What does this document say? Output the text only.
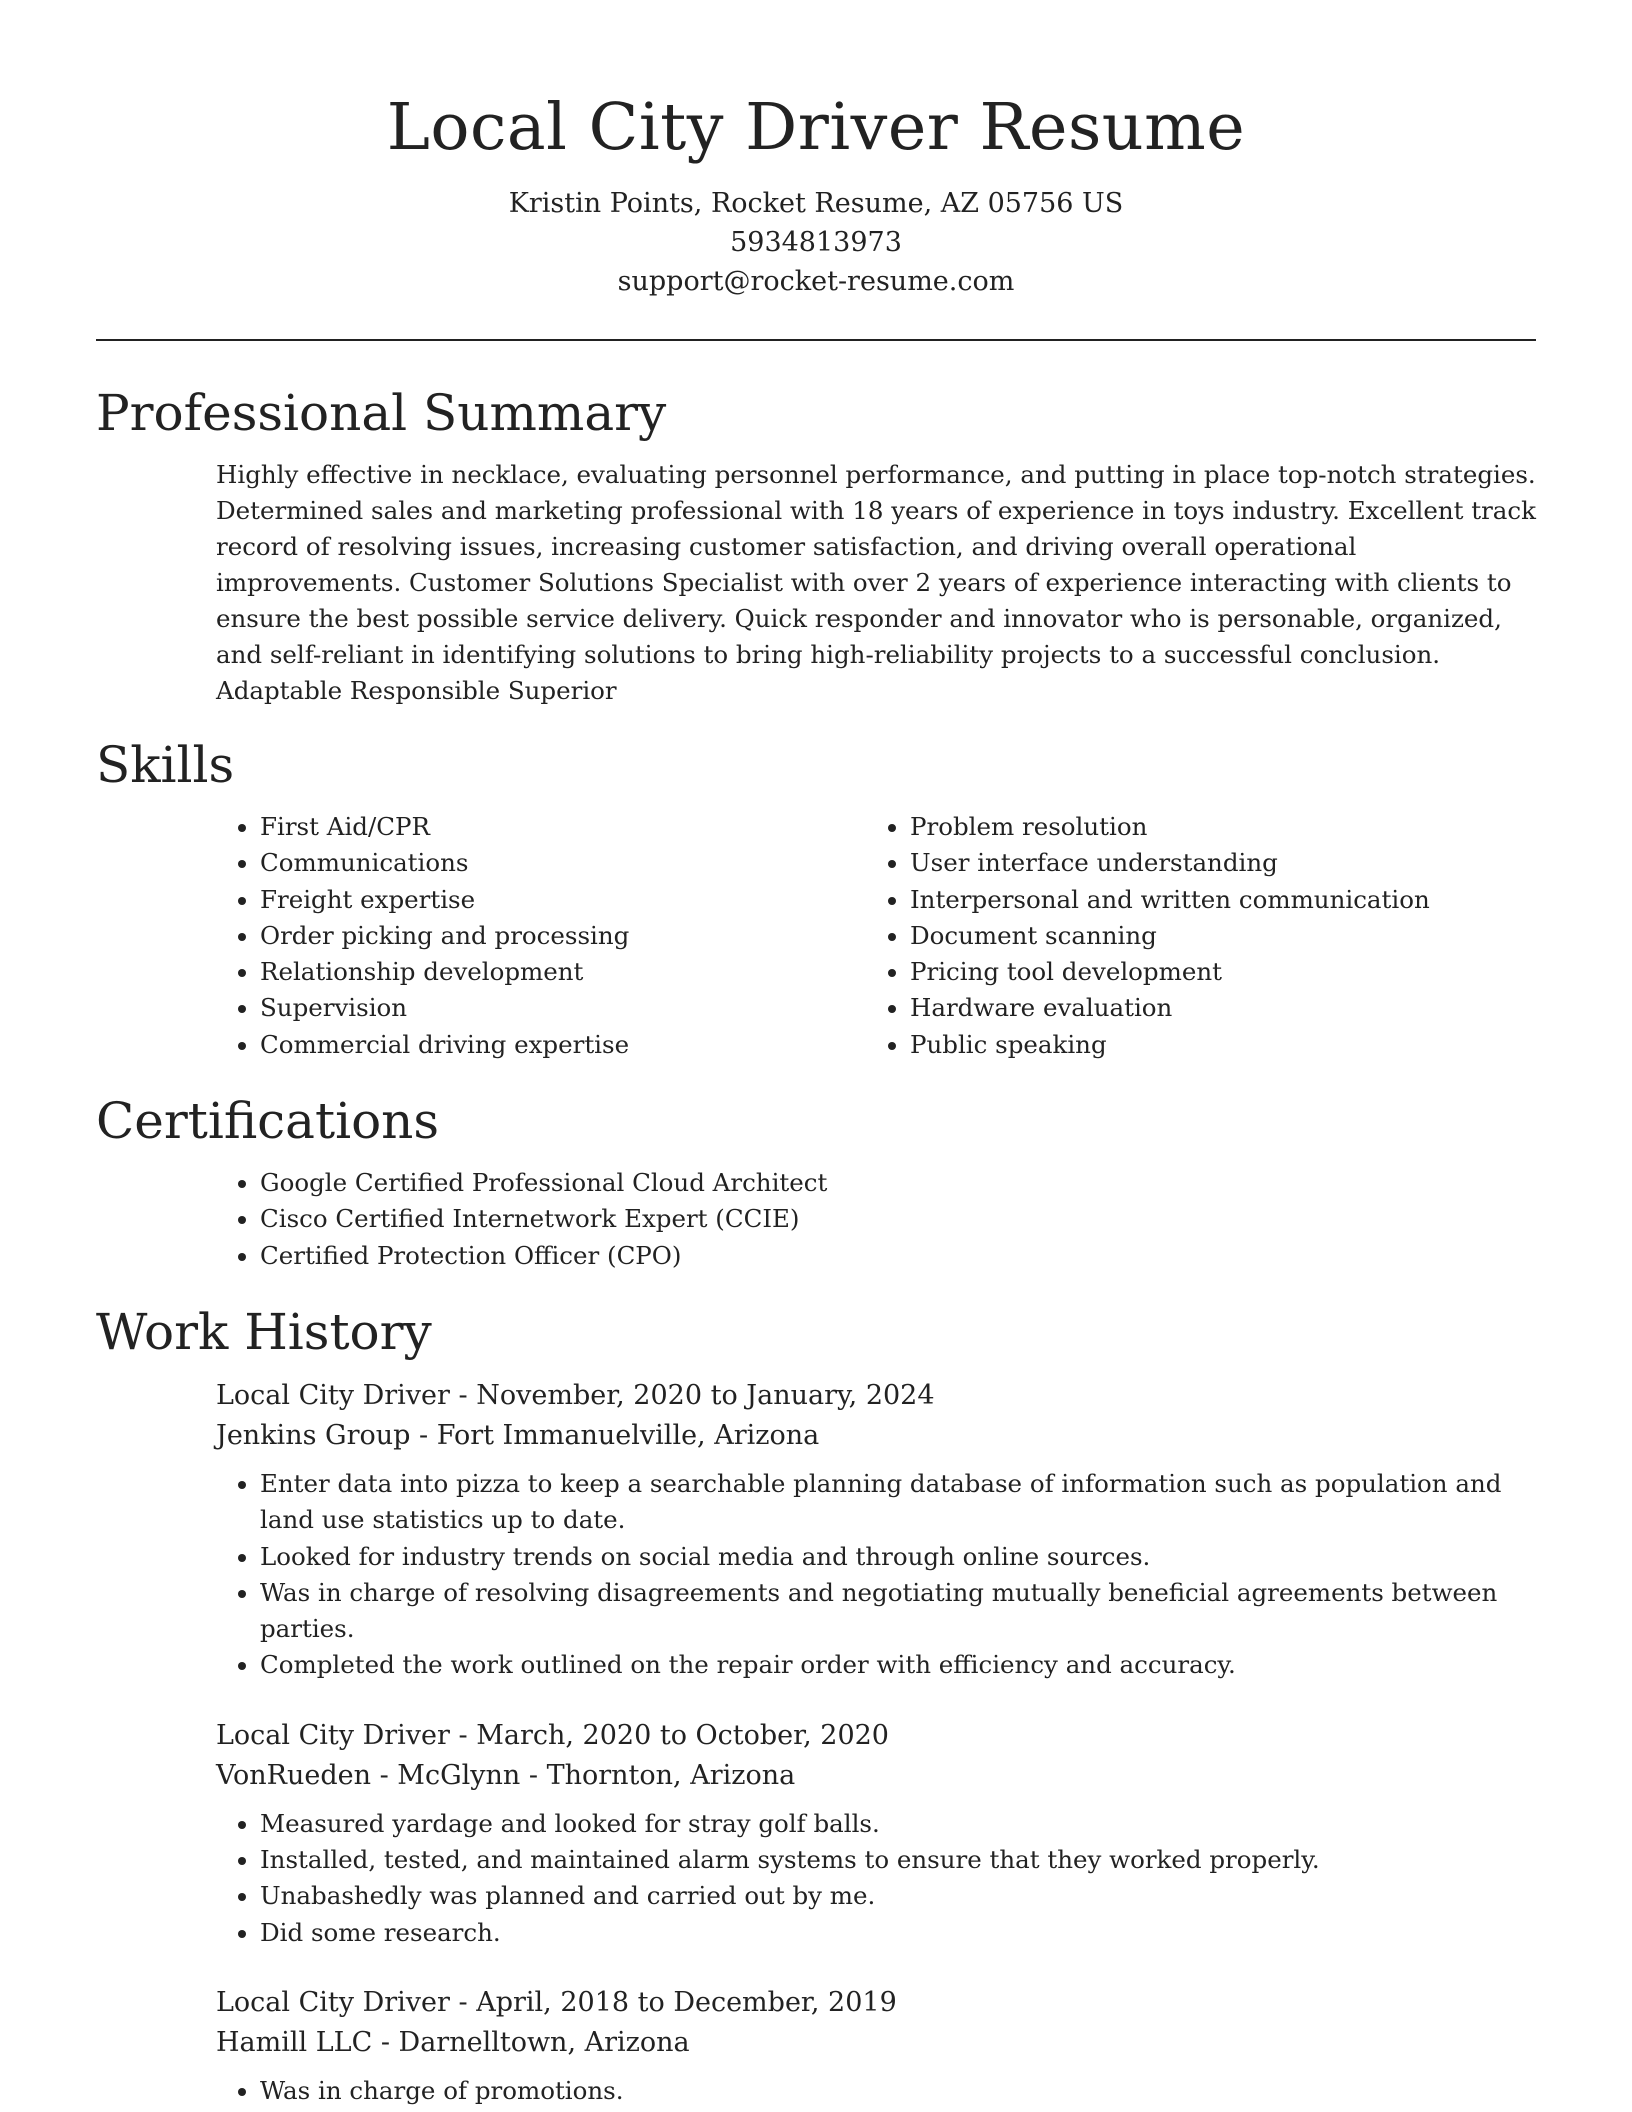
Local City Driver Resume

Kristin Points, Rocket Resume, AZ 05756 US

5934813973

support@rocket-resume.com

Professional Summary

Highly effective in necklace, evaluating personnel performance, and putting in place top-notch strategies. Determined sales and marketing professional with 18 years of experience in toys industry. Excellent track record of resolving issues, increasing customer satisfaction, and driving overall operational improvements. Customer Solutions Specialist with over 2 years of experience interacting with clients to ensure the best possible service delivery. Quick responder and innovator who is personable, organized, and self-reliant in identifying solutions to bring high-reliability projects to a successful conclusion. Adaptable Responsible Superior

Skills
• First Aid/CPR
• Communications
• Freight expertise
• Order picking and processing
• Relationship development
• Supervision
• Commercial driving expertise
• Problem resolution
• User interface understanding
• Interpersonal and written communication
• Document scanning
• Pricing tool development
• Hardware evaluation
• Public speaking
Certifications
• Google Certified Professional Cloud Architect
• Cisco Certified Internetwork Expert (CCIE)
• Certified Protection Officer (CPO)
Work History

Local City Driver - November, 2020 to January, 2024

Jenkins Group - Fort Immanuelville, Arizona

• Enter data into pizza to keep a searchable planning database of information such as population and land use statistics up to date.
• Looked for industry trends on social media and through online sources.
• Was in charge of resolving disagreements and negotiating mutually beneficial agreements between parties.
• Completed the work outlined on the repair order with efficiency and accuracy.

Local City Driver - March, 2020 to October, 2020

VonRueden - McGlynn - Thornton, Arizona

• Measured yardage and looked for stray golf balls.
• Installed, tested, and maintained alarm systems to ensure that they worked properly.
• Unabashedly was planned and carried out by me.
• Did some research.

Local City Driver - April, 2018 to December, 2019

Hamill LLC - Darnelltown, Arizona

• Was in charge of promotions.
